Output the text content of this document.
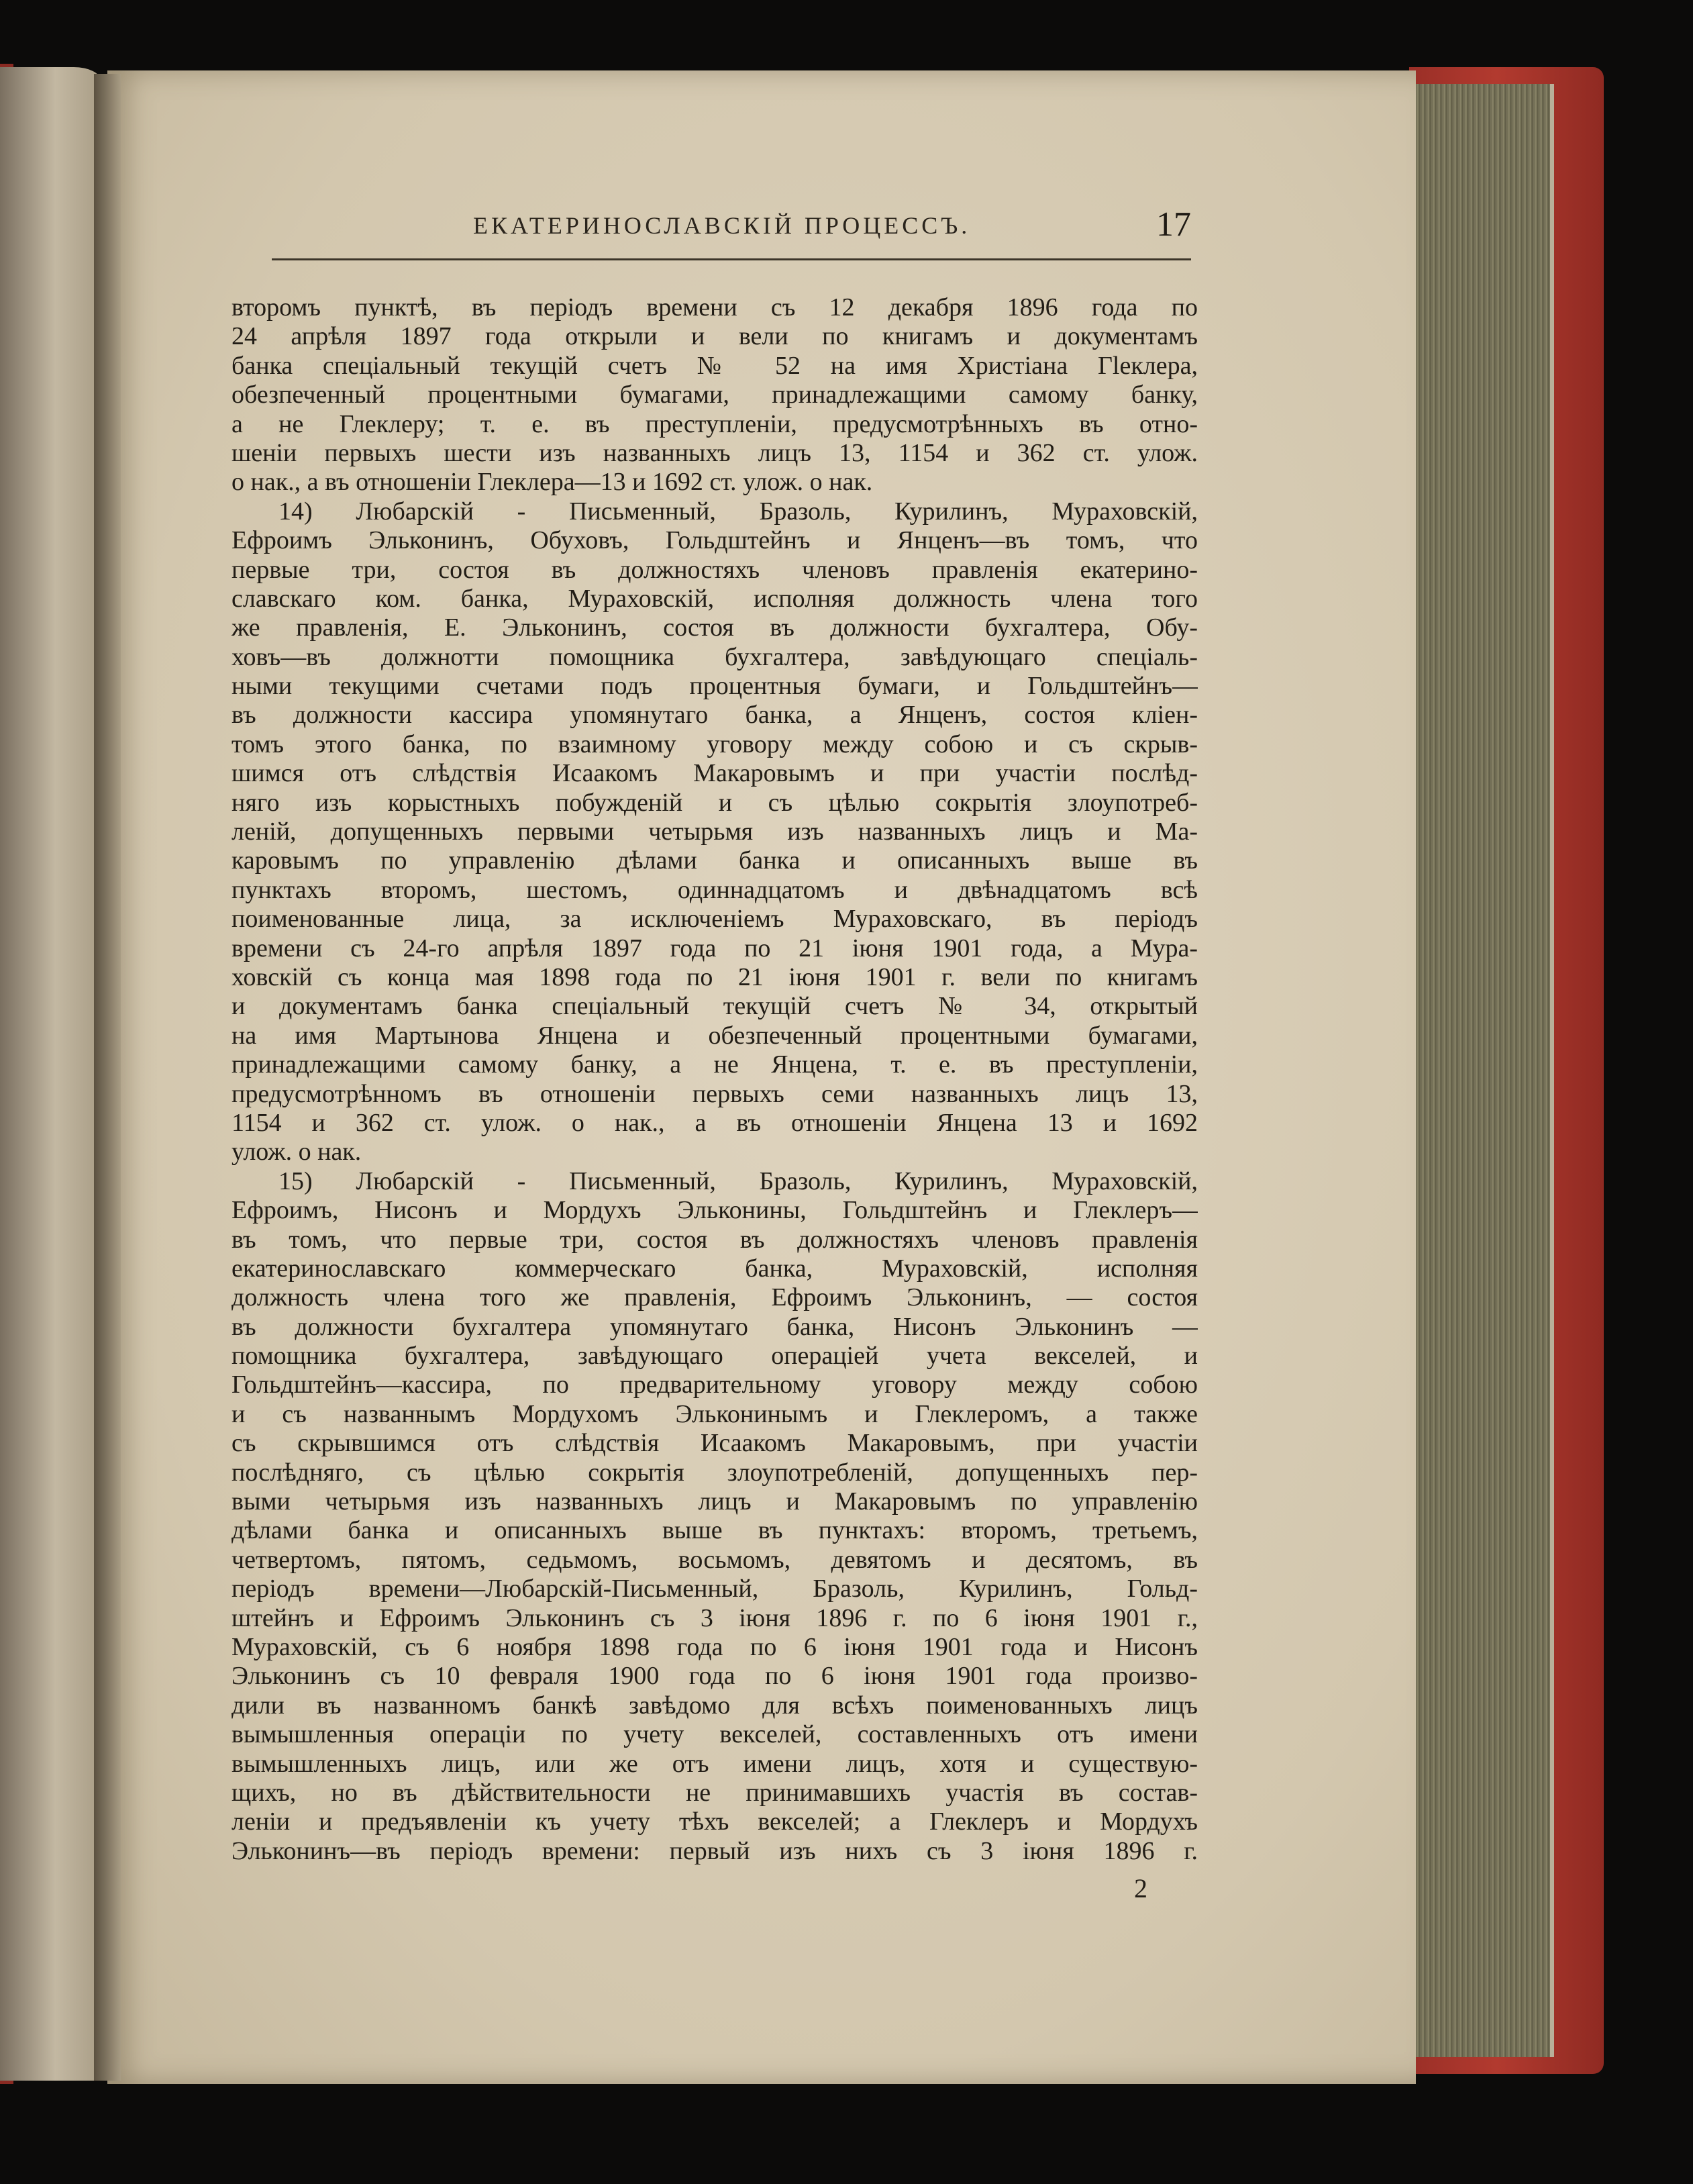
ЕКАТЕРИНОСЛАВСКІЙ ПРОЦЕССЪ.	17
второмъ пунктѣ, въ періодъ времени съ 12 декабря 1896 года по
24 апрѣля 1897 года открыли и вели по книгамъ и документамъ
банка спеціальный текущій счетъ № 52 на имя Христіана Гleклера,
обезпеченный процентными бумагами, принадлежащими самому банку,
а не Глеклеру; т. е. въ преступленіи, предусмотрѣнныхъ въ отно-
шеніи первыхъ шести изъ названныхъ лицъ 13, 1154 и 362 ст. улож.
о нак., а въ отношеніи Глеклера—13 и 1692 ст. улож. о нак.
14) Любарскій - Письменный, Бразоль, Курилинъ, Мураховскій,
Ефроимъ Эльконинъ, Обуховъ, Гольдштейнъ и Янценъ—въ томъ, что
первые три, состоя въ должностяхъ членовъ правленія екатерино-
славскаго ком. банка, Мураховскій, исполняя должность члена того
же правленія, Е. Эльконинъ, состоя въ должности бухгалтера, Обу-
ховъ—въ должнотти помощника бухгалтера, завѣдующаго спеціаль-
ными текущими счетами подъ процентныя бумаги, и Гольдштейнъ—
въ должности кассира упомянутаго банка, а Янценъ, состоя кліен-
томъ этого банка, по взаимному уговору между собою и съ скрыв-
шимся отъ слѣдствія Исаакомъ Макаровымъ и при участіи послѣд-
няго изъ корыстныхъ побужденій и съ цѣлью сокрытія злоупотреб-
леній, допущенныхъ первыми четырьмя изъ названныхъ лицъ и Ма-
каровымъ по управленію дѣлами банка и описанныхъ выше въ
пунктахъ второмъ, шестомъ, одиннадцатомъ и двѣнадцатомъ всѣ
поименованные лица, за исключеніемъ Мураховскаго, въ періодъ
времени съ 24-го апрѣля 1897 года по 21 іюня 1901 года, а Мура-
ховскій съ конца мая 1898 года по 21 іюня 1901 г. вели по книгамъ
и документамъ банка спеціальный текущій счетъ № 34, открытый
на имя Мартынова Янцена и обезпеченный процентными бумагами,
принадлежащими самому банку, а не Янцена, т. е. въ преступленіи,
предусмотрѣнномъ въ отношеніи первыхъ семи названныхъ лицъ 13,
1154 и 362 ст. улож. о нак., а въ отношеніи Янцена 13 и 1692
улож. о нак.
15) Любарскій - Письменный, Бразоль, Курилинъ, Мураховскій,
Ефроимъ, Нисонъ и Мордухъ Эльконины, Гольдштейнъ и Глеклеръ—
въ томъ, что первые три, состоя въ должностяхъ членовъ правленія
екатеринославскаго коммерческаго банка, Мураховскій, исполняя
должность члена того же правленія, Ефроимъ Эльконинъ, — состоя
въ должности бухгалтера упомянутаго банка, Нисонъ Эльконинъ —
помощника бухгалтера, завѣдующаго операціей учета векселей, и
Гольдштейнъ—кассира, по предварительному уговору между собою
и съ названнымъ Мордухомъ Эльконинымъ и Глеклеромъ, а также
съ скрывшимся отъ слѣдствія Исаакомъ Макаровымъ, при участіи
послѣдняго, съ цѣлью сокрытія злоупотребленій, допущенныхъ пер-
выми четырьмя изъ названныхъ лицъ и Макаровымъ по управленію
дѣлами банка и описанныхъ выше въ пунктахъ: второмъ, третьемъ,
четвертомъ, пятомъ, седьмомъ, восьмомъ, девятомъ и десятомъ, въ
періодъ времени—Любарскій-Письменный, Бразоль, Курилинъ, Гольд-
штейнъ и Ефроимъ Эльконинъ съ 3 іюня 1896 г. по 6 іюня 1901 г.,
Мураховскій, съ 6 ноября 1898 года по 6 іюня 1901 года и Нисонъ
Эльконинъ съ 10 февраля 1900 года по 6 іюня 1901 года произво-
дили въ названномъ банкѣ завѣдомо для всѣхъ поименованныхъ лицъ
вымышленныя операціи по учету векселей, составленныхъ отъ имени
вымышленныхъ лицъ, или же отъ имени лицъ, хотя и существую-
щихъ, но въ дѣйствительности не принимавшихъ участія въ состав-
леніи и предъявленіи къ учету тѣхъ векселей; а Глеклеръ и Мордухъ
Эльконинъ—въ періодъ времени: первый изъ нихъ съ 3 іюня 1896 г.
2
